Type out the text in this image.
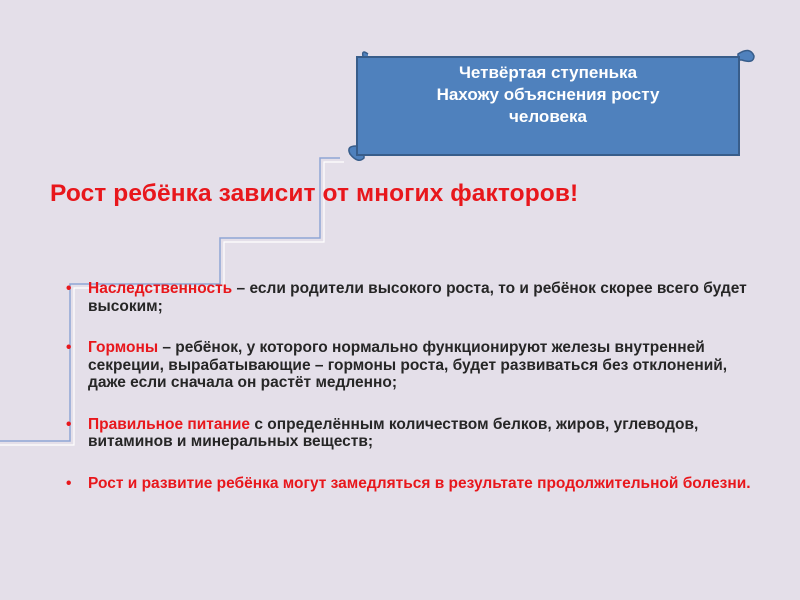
Четвёртая ступенька
Нахожу объяснения росту
человека
Рост ребёнка зависит от многих факторов!
• Наследственность – если родители высокого роста, то и ребёнок скорее всего будет высоким;
• Гормоны – ребёнок, у которого нормально функционируют железы внутренней секреции, вырабатывающие – гормоны роста, будет развиваться без отклонений, даже если сначала он растёт медленно;
• Правильное питание с определённым количеством белков, жиров, углеводов, витаминов и минеральных веществ;
• Рост и развитие ребёнка могут замедляться в результате продолжительной болезни.
